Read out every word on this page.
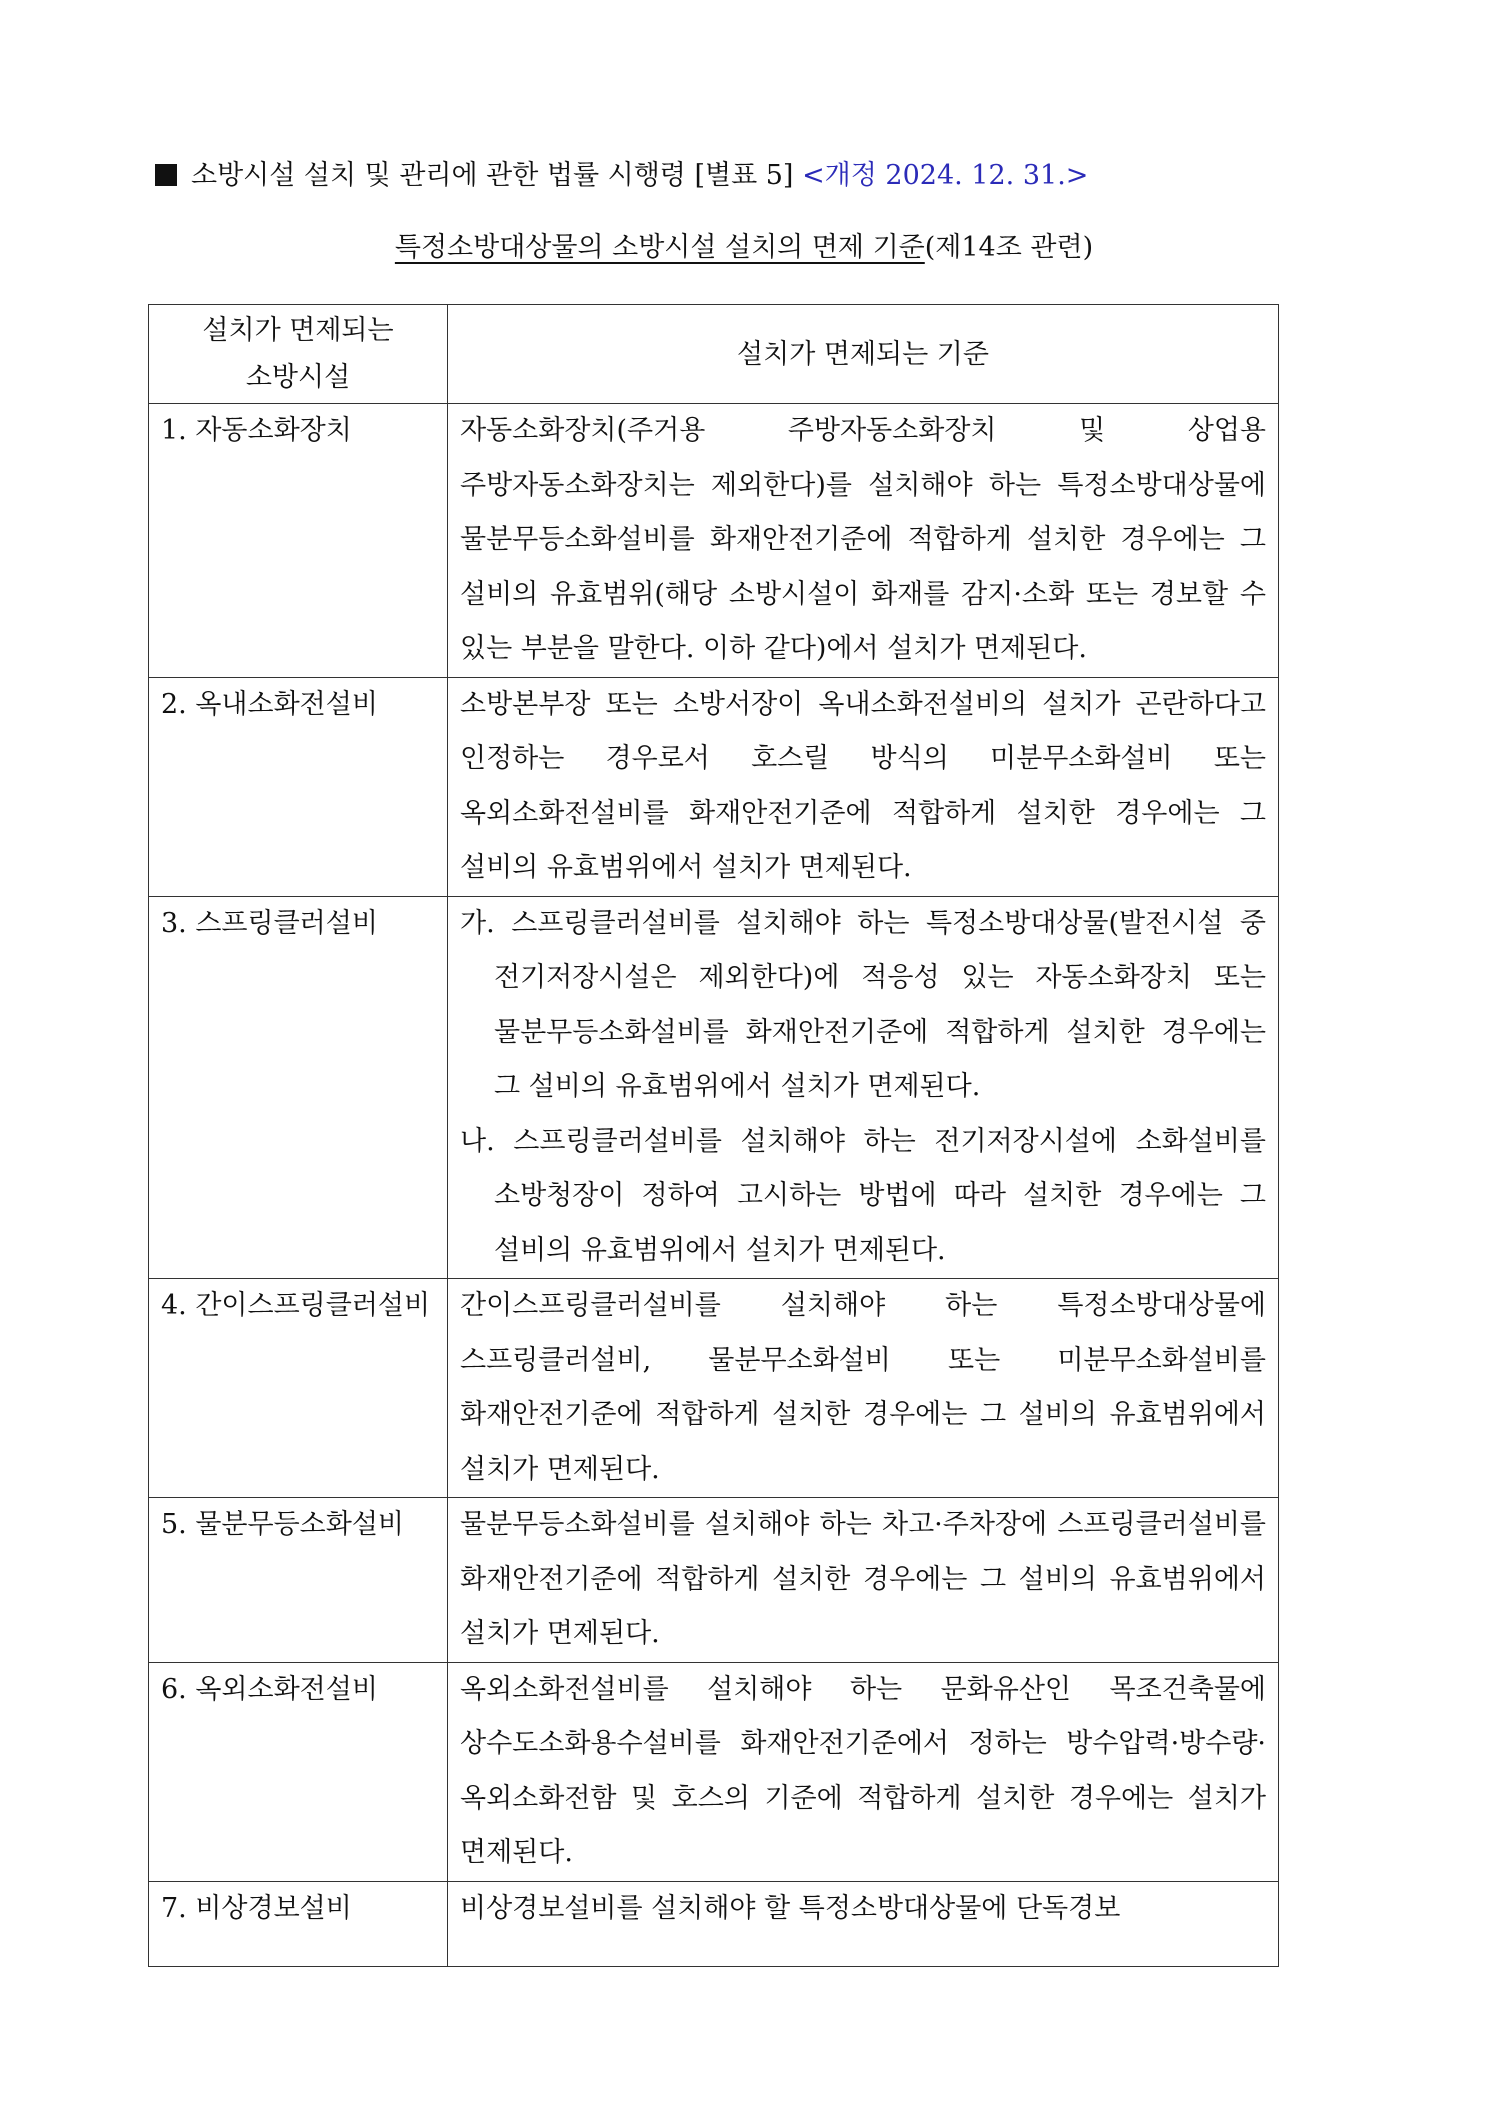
소방시설 설치 및 관리에 관한 법률 시행령 [별표 5] <개정 2024. 12. 31.>
특정소방대상물의 소방시설 설치의 면제 기준(제14조 관련)
설치가 면제되는 소방시설	설치가 면제되는 기준
1. 자동소화장치	자동소화장치(주거용 주방자동소화장치 및 상업용 주방자동소화장치는 제외한다)를 설치해야 하는 특정소방대상물에 물분무등소화설비를 화재안전기준에 적합하게 설치한 경우에는 그 설비의 유효범위(해당 소방시설이 화재를 감지·소화 또는 경보할 수 있는 부분을 말한다. 이하 같다)에서 설치가 면제된다.
2. 옥내소화전설비	소방본부장 또는 소방서장이 옥내소화전설비의 설치가 곤란하다고 인정하는 경우로서 호스릴 방식의 미분무소화설비 또는 옥외소화전설비를 화재안전기준에 적합하게 설치한 경우에는 그 설비의 유효범위에서 설치가 면제된다.
3. 스프링클러설비	가. 스프링클러설비를 설치해야 하는 특정소방대상물(발전시설 중 전기저장시설은 제외한다)에 적응성 있는 자동소화장치 또는 물분무등소화설비를 화재안전기준에 적합하게 설치한 경우에는 그 설비의 유효범위에서 설치가 면제된다.
나. 스프링클러설비를 설치해야 하는 전기저장시설에 소화설비를 소방청장이 정하여 고시하는 방법에 따라 설치한 경우에는 그 설비의 유효범위에서 설치가 면제된다.

4. 간이스프링클러설비	간이스프링클러설비를 설치해야 하는 특정소방대상물에 스프링클러설비, 물분무소화설비 또는 미분무소화설비를 화재안전기준에 적합하게 설치한 경우에는 그 설비의 유효범위에서 설치가 면제된다.
5. 물분무등소화설비	물분무등소화설비를 설치해야 하는 차고·주차장에 스프링클러설비를 화재안전기준에 적합하게 설치한 경우에는 그 설비의 유효범위에서 설치가 면제된다.
6. 옥외소화전설비	옥외소화전설비를 설치해야 하는 문화유산인 목조건축물에 상수도소화용수설비를 화재안전기준에서 정하는 방수압력·방수량·옥외소화전함 및 호스의 기준에 적합하게 설치한 경우에는 설치가 면제된다.
7. 비상경보설비	비상경보설비를 설치해야 할 특정소방대상물에 단독경보
